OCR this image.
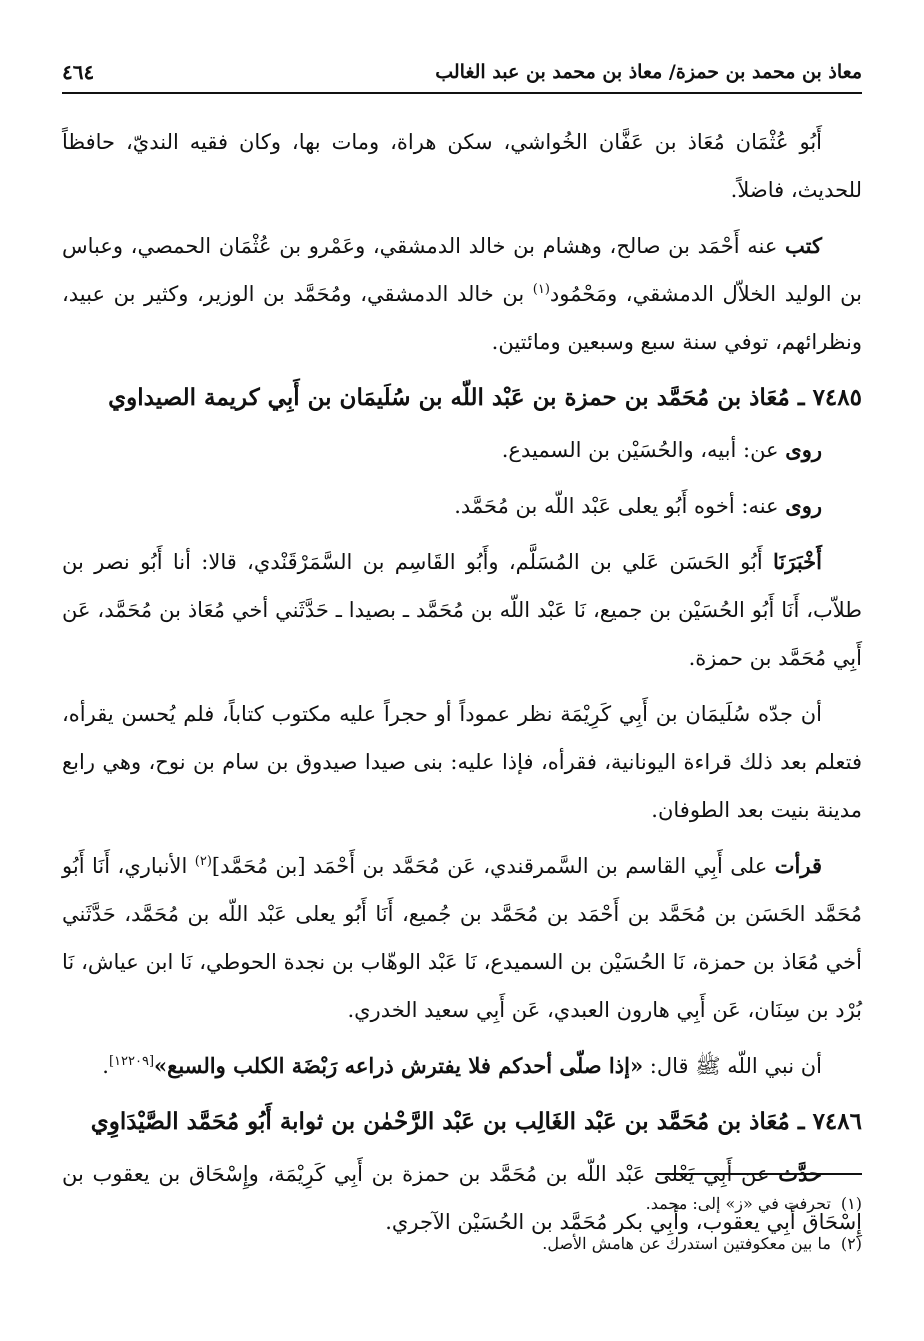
معاذ بن محمد بن حمزة/ معاذ بن محمد بن عبد الغالب
٤٦٤

أَبُو عُثْمَان مُعَاذ بن عَفَّان الخُواشي، سكن هراة، ومات بها، وكان فقيه النديّ، حافظاً للحديث، فاضلاً.

كتب عنه أَحْمَد بن صالح، وهشام بن خالد الدمشقي، وعَمْرو بن عُثْمَان الحمصي، وعباس بن الوليد الخلاّل الدمشقي، ومَحْمُود$^{(١)}$ بن خالد الدمشقي، ومُحَمَّد بن الوزير، وكثير بن عبيد، ونظرائهم، توفي سنة سبع وسبعين ومائتين.

٧٤٨٥ ـ مُعَاذ بن مُحَمَّد بن حمزة بن عَبْد اللّه بن سُلَيمَان بن أَبِي كريمة الصيداوي

روى عن: أبيه، والحُسَيْن بن السميدع.

روى عنه: أخوه أَبُو يعلى عَبْد اللّه بن مُحَمَّد.

أَخْبَرَنَا أَبُو الحَسَن عَلي بن المُسَلَّم، وأَبُو القَاسِم بن السَّمَرْقَنْدي، قالا: أنا أَبُو نصر بن طلاّب، أَنَا أَبُو الحُسَيْن بن جميع، نَا عَبْد اللّه بن مُحَمَّد ـ بصيدا ـ حَدَّثَني أخي مُعَاذ بن مُحَمَّد، عَن أَبِي مُحَمَّد بن حمزة.

أن جدّه سُلَيمَان بن أَبِي كَرِيْمَة نظر عموداً أو حجراً عليه مكتوب كتاباً، فلم يُحسن يقرأه، فتعلم بعد ذلك قراءة اليونانية، فقرأه، فإذا عليه: بنى صيدا صيدوق بن سام بن نوح، وهي رابع مدينة بنيت بعد الطوفان.

قرأت على أَبِي القاسم بن السَّمرقندي، عَن مُحَمَّد بن أَحْمَد [بن مُحَمَّد]$^{(٢)}$ الأنباري، أَنَا أَبُو مُحَمَّد الحَسَن بن مُحَمَّد بن أَحْمَد بن مُحَمَّد بن جُميع، أَنَا أَبُو يعلى عَبْد اللّه بن مُحَمَّد، حَدَّثَني أخي مُعَاذ بن حمزة، نَا الحُسَيْن بن السميدع، نَا عَبْد الوهّاب بن نجدة الحوطي، نَا ابن عياش، نَا بُرْد بن سِنَان، عَن أَبِي هارون العبدي، عَن أَبِي سعيد الخدري.

أن نبي اللّه ﷺ قال: «إذا صلّى أحدكم فلا يفترش ذراعه رَبْضَة الكلب والسبع»[١٢٢٠٩].

٧٤٨٦ ـ مُعَاذ بن مُحَمَّد بن عَبْد الغَالِب بن عَبْد الرَّحْمٰن بن ثوابة أَبُو مُحَمَّد الصَّيْدَاوِي

حدَّث عن أَبِي يَعْلى عَبْد اللّه بن مُحَمَّد بن حمزة بن أَبِي كَرِيْمَة، وإِسْحَاق بن يعقوب بن إِسْحَاق أَبِي يعقوب، وأَبِي بكر مُحَمَّد بن الحُسَيْن الآجري.

(١)تحرفت في «ز» إلى: محمد.

(٢)ما بين معكوفتين استدرك عن هامش الأصل.
